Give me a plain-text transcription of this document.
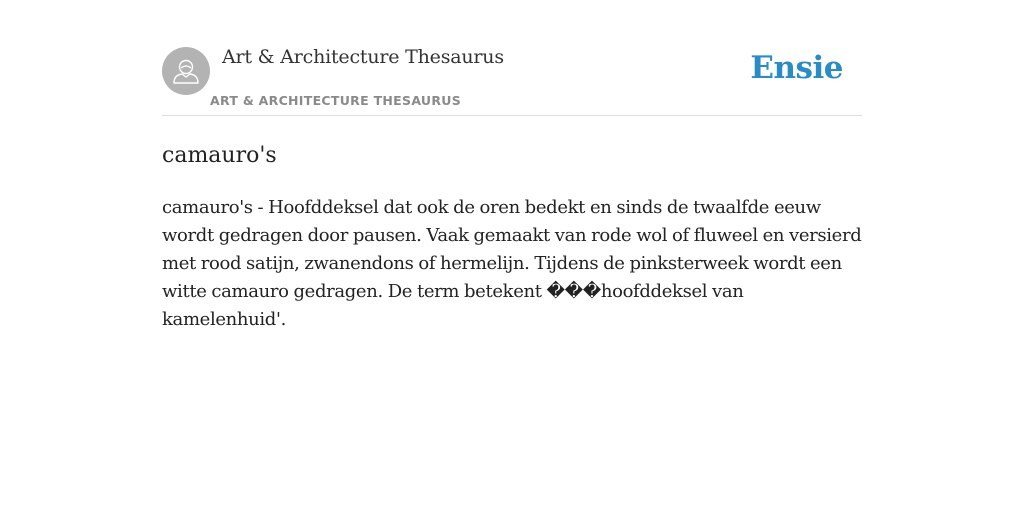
Art & Architecture Thesaurus
ART & ARCHITECTURE THESAURUS
Ensie
camauro's

camauro's - Hoofddeksel dat ook de oren bedekt en sinds de twaalfde eeuw wordt gedragen door pausen. Vaak gemaakt van rode wol of fluweel en versierd met rood satijn, zwanendons of hermelijn. Tijdens de pinksterweek wordt een witte camauro gedragen. De term betekent ���hoofddeksel van kamelenhuid'.
